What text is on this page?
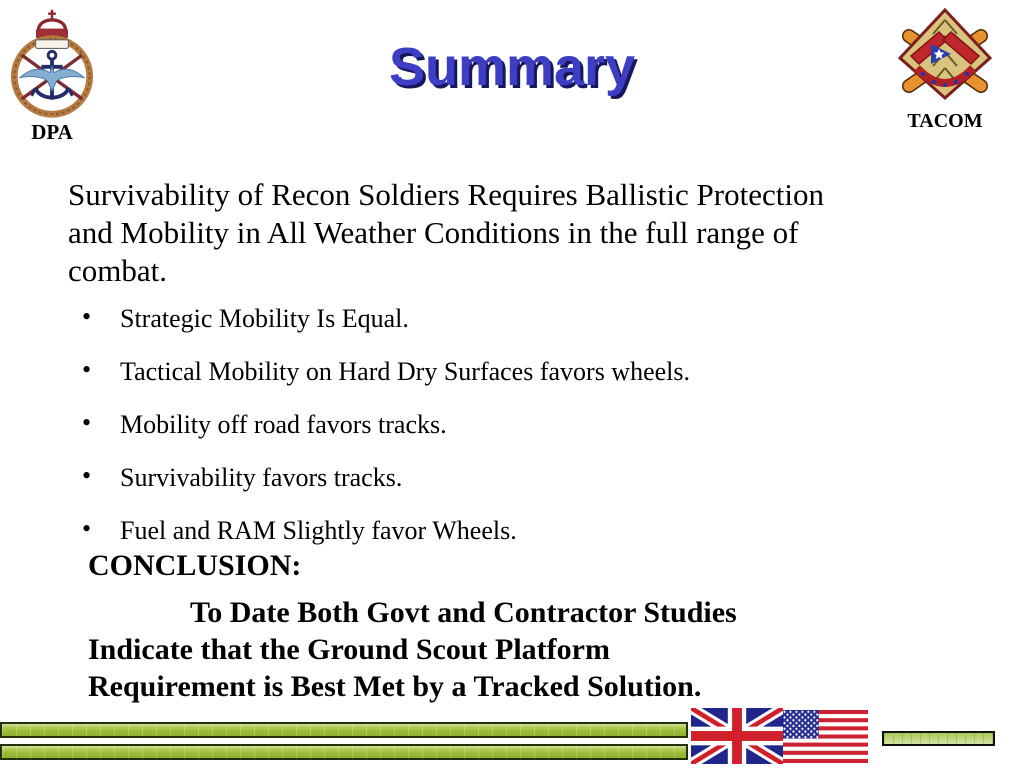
DPA
Summary
TACOM
Survivability of Recon Soldiers Requires Ballistic Protection
and Mobility in All Weather Conditions in the full range of
combat.
• Strategic Mobility Is Equal.
• Tactical Mobility on Hard Dry Surfaces favors wheels.
• Mobility off road favors tracks.
• Survivability favors tracks.
• Fuel and RAM Slightly favor Wheels.
CONCLUSION:
To Date Both Govt and Contractor Studies
Indicate that the Ground Scout Platform
Requirement is Best Met by a Tracked Solution.
